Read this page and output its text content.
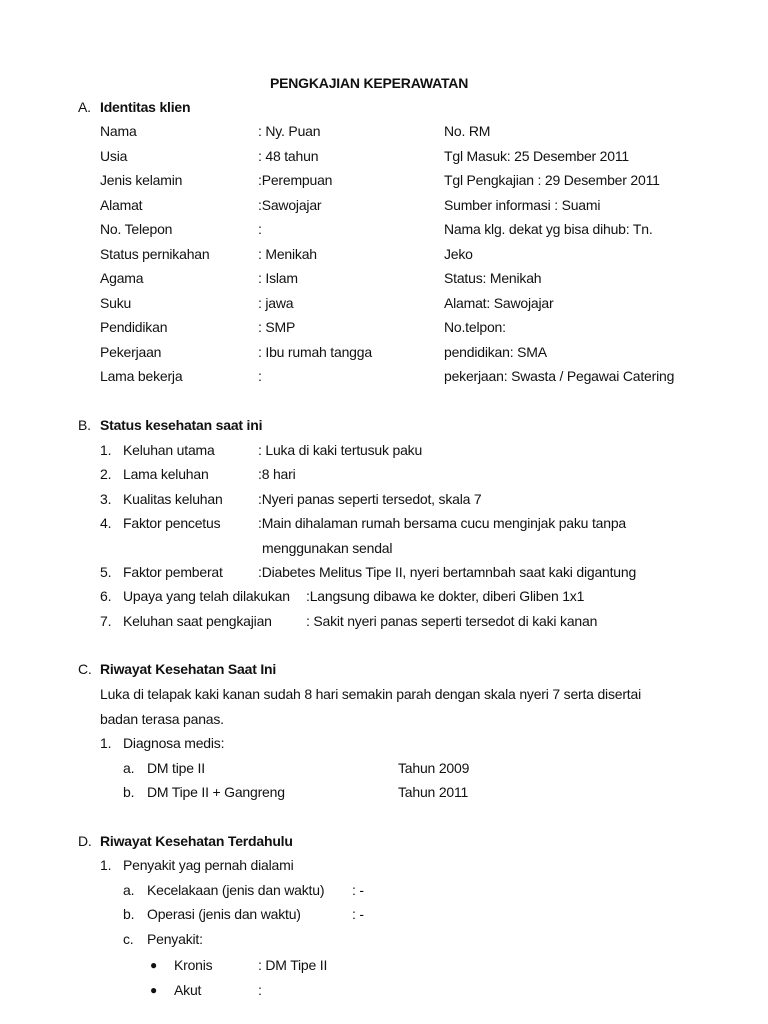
PENGKAJIAN KEPERAWATAN
A. Identitas klien
Nama	: Ny. Puan	No. RM
Usia	: 48 tahun	Tgl Masuk: 25 Desember 2011
Jenis kelamin	:Perempuan	Tgl Pengkajian : 29 Desember 2011
Alamat	:Sawojajar	Sumber informasi : Suami
No. Telepon	:	Nama klg. dekat yg bisa dihub: Tn.
Status pernikahan	: Menikah	Jeko
Agama	: Islam	Status: Menikah
Suku	: jawa	Alamat: Sawojajar
Pendidikan	: SMP	No.telpon:
Pekerjaan	: Ibu rumah tangga	pendidikan: SMA
Lama bekerja	:	pekerjaan: Swasta / Pegawai Catering
B. Status kesehatan saat ini
1. Keluhan utama	: Luka di kaki tertusuk paku
2. Lama keluhan	:8 hari
3. Kualitas keluhan	:Nyeri panas seperti tersedot, skala 7
4. Faktor pencetus	:Main dihalaman rumah bersama cucu menginjak paku tanpa
menggunakan sendal
5. Faktor pemberat	:Diabetes Melitus Tipe II, nyeri bertamnbah saat kaki digantung
6. Upaya yang telah dilakukan :Langsung dibawa ke dokter, diberi Gliben 1x1
7. Keluhan saat pengkajian : Sakit nyeri panas seperti tersedot di kaki kanan
C. Riwayat Kesehatan Saat Ini
Luka di telapak kaki kanan sudah 8 hari semakin parah dengan skala nyeri 7 serta disertai
badan terasa panas.
1. Diagnosa medis:
a. DM tipe II	Tahun 2009
b. DM Tipe II + Gangreng	Tahun 2011
D. Riwayat Kesehatan Terdahulu
1. Penyakit yag pernah dialami
a. Kecelakaan (jenis dan waktu) : -
b. Operasi (jenis dan waktu)	: -
c. Penyakit:
● Kronis	: DM Tipe II
● Akut	:
